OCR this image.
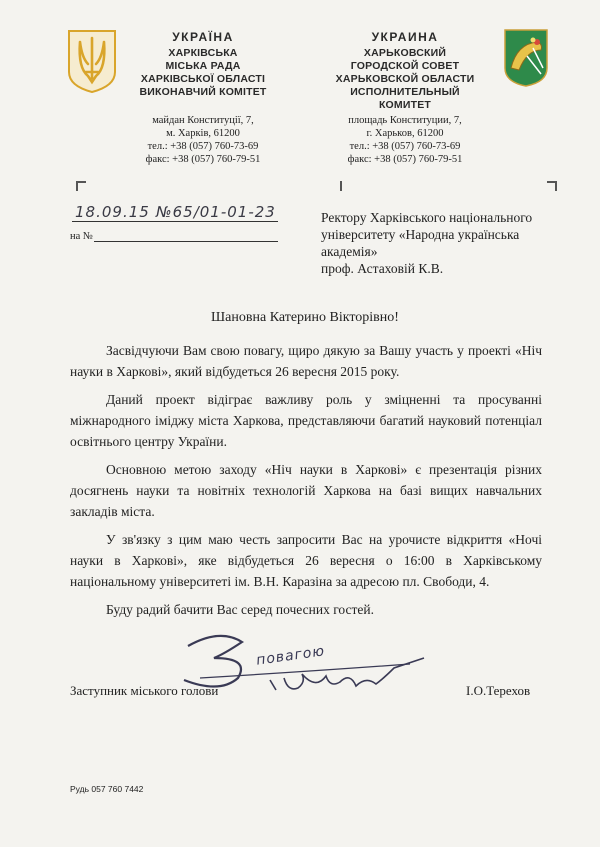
УКРАЇНА
ХАРКІВСЬКА
МІСЬКА РАДА
ХАРКІВСЬКОЇ ОБЛАСТІ
ВИКОНАВЧИЙ КОМІТЕТ
майдан Конституції, 7,
м. Харків, 61200
тел.: +38 (057) 760-73-69
факс: +38 (057) 760-79-51
УКРАИНА
ХАРЬКОВСКИЙ
ГОРОДСКОЙ СОВЕТ
ХАРЬКОВСКОЙ ОБЛАСТИ
ИСПОЛНИТЕЛЬНЫЙ КОМИТЕТ
площадь Конституции, 7,
г. Харьков, 61200
тел.: +38 (057) 760-73-69
факс: +38 (057) 760-79-51
18.09.15 №65/01-01-23
на №
Ректору Харківського національного
університету «Народна українська
академія»
проф. Астаховій К.В.
Шановна Катерино Вікторівно!

Засвідчуючи Вам свою повагу, щиро дякую за Вашу участь у проекті «Ніч науки в Харкові», який відбудеться 26 вересня 2015 року.

Даний проект відіграє важливу роль у зміцненні та просуванні міжнародного іміджу міста Харкова, представляючи багатий науковий потенціал освітнього центру України.

Основною метою заходу «Ніч науки в Харкові» є презентація різних досягнень науки та новітніх технологій Харкова на базі вищих навчальних закладів міста.

У зв'язку з цим маю честь запросити Вас на урочисте відкриття «Ночі науки в Харкові», яке відбудеться 26 вересня о 16:00 в Харківському національному університеті ім. В.Н. Каразіна за адресою пл. Свободи, 4.

Буду радий бачити Вас серед почесних гостей.

повагою
Заступник міського голови	І.О.Терехов
Рудь 057 760 7442
